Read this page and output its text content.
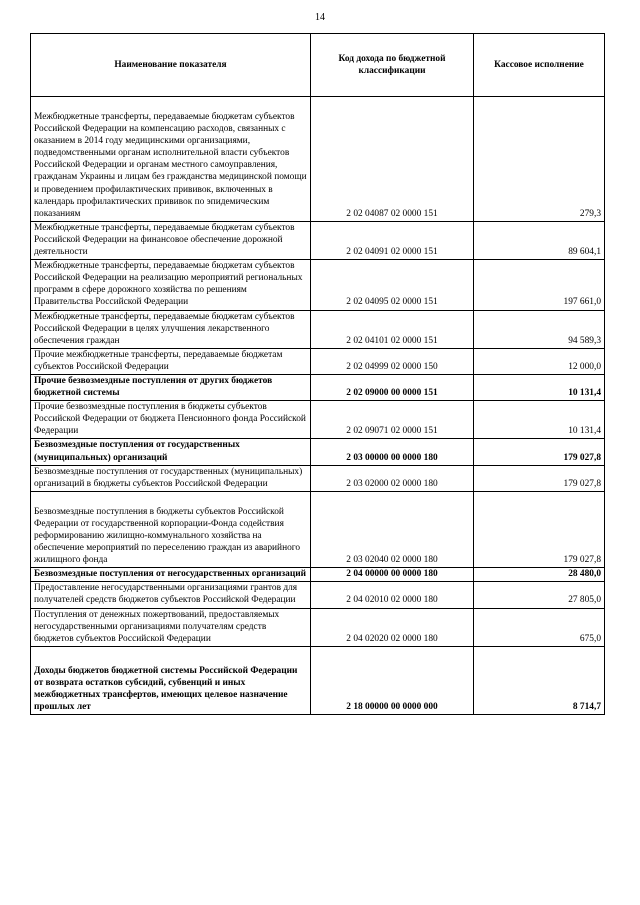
14
Наименование показателя	Код дохода по бюджетной классификации	Кассовое исполнение
Межбюджетные трансферты, передаваемые бюджетам субъектов Российской Федерации на компенсацию расходов, связанных с оказанием в 2014 году медицинскими организациями, подведомственными органам исполнительной власти субъектов Российской Федерации и органам местного самоуправления, гражданам Украины и лицам без гражданства медицинской помощи и проведением профилактических прививок, включенных в календарь профилактических прививок по эпидемическим показаниям	2 02 04087 02 0000 151	279,3
Межбюджетные трансферты, передаваемые бюджетам субъектов Российской Федерации на финансовое обеспечение дорожной деятельности	2 02 04091 02 0000 151	89 604,1
Межбюджетные трансферты, передаваемые бюджетам субъектов Российской Федерации на реализацию мероприятий региональных программ в сфере дорожного хозяйства по решениям Правительства Российской Федерации	2 02 04095 02 0000 151	197 661,0
Межбюджетные трансферты, передаваемые бюджетам субъектов Российской Федерации в целях улучшения лекарственного обеспечения граждан	2 02 04101 02 0000 151	94 589,3
Прочие межбюджетные трансферты, передаваемые бюджетам субъектов Российской Федерации	2 02 04999 02 0000 150	12 000,0
Прочие безвозмездные поступления от других бюджетов бюджетной системы	2 02 09000 00 0000 151	10 131,4
Прочие безвозмездные поступления в бюджеты субъектов Российской Федерации от бюджета Пенсионного фонда Российской Федерации	2 02 09071 02 0000 151	10 131,4
Безвозмездные поступления от государственных (муниципальных) организаций	2 03 00000 00 0000 180	179 027,8
Безвозмездные поступления от государственных (муниципальных) организаций в бюджеты субъектов Российской Федерации	2 03 02000 02 0000 180	179 027,8
Безвозмездные поступления в бюджеты субъектов Российской Федерации от государственной корпорации-Фонда содействия реформированию жилищно-коммунального хозяйства на обеспечение мероприятий по переселению граждан из аварийного жилищного фонда	2 03 02040 02 0000 180	179 027,8
Безвозмездные поступления от негосударственных организаций	2 04 00000 00 0000 180	28 480,0
Предоставление негосударственными организациями грантов для получателей средств бюджетов субъектов Российской Федерации	2 04 02010 02 0000 180	27 805,0
Поступления от денежных пожертвований, предоставляемых негосударственными организациями получателям средств бюджетов субъектов Российской Федерации	2 04 02020 02 0000 180	675,0
Доходы бюджетов бюджетной системы Российской Федерации от возврата остатков субсидий, субвенций и иных межбюджетных трансфертов, имеющих целевое назначение прошлых лет	2 18 00000 00 0000 000	8 714,7
